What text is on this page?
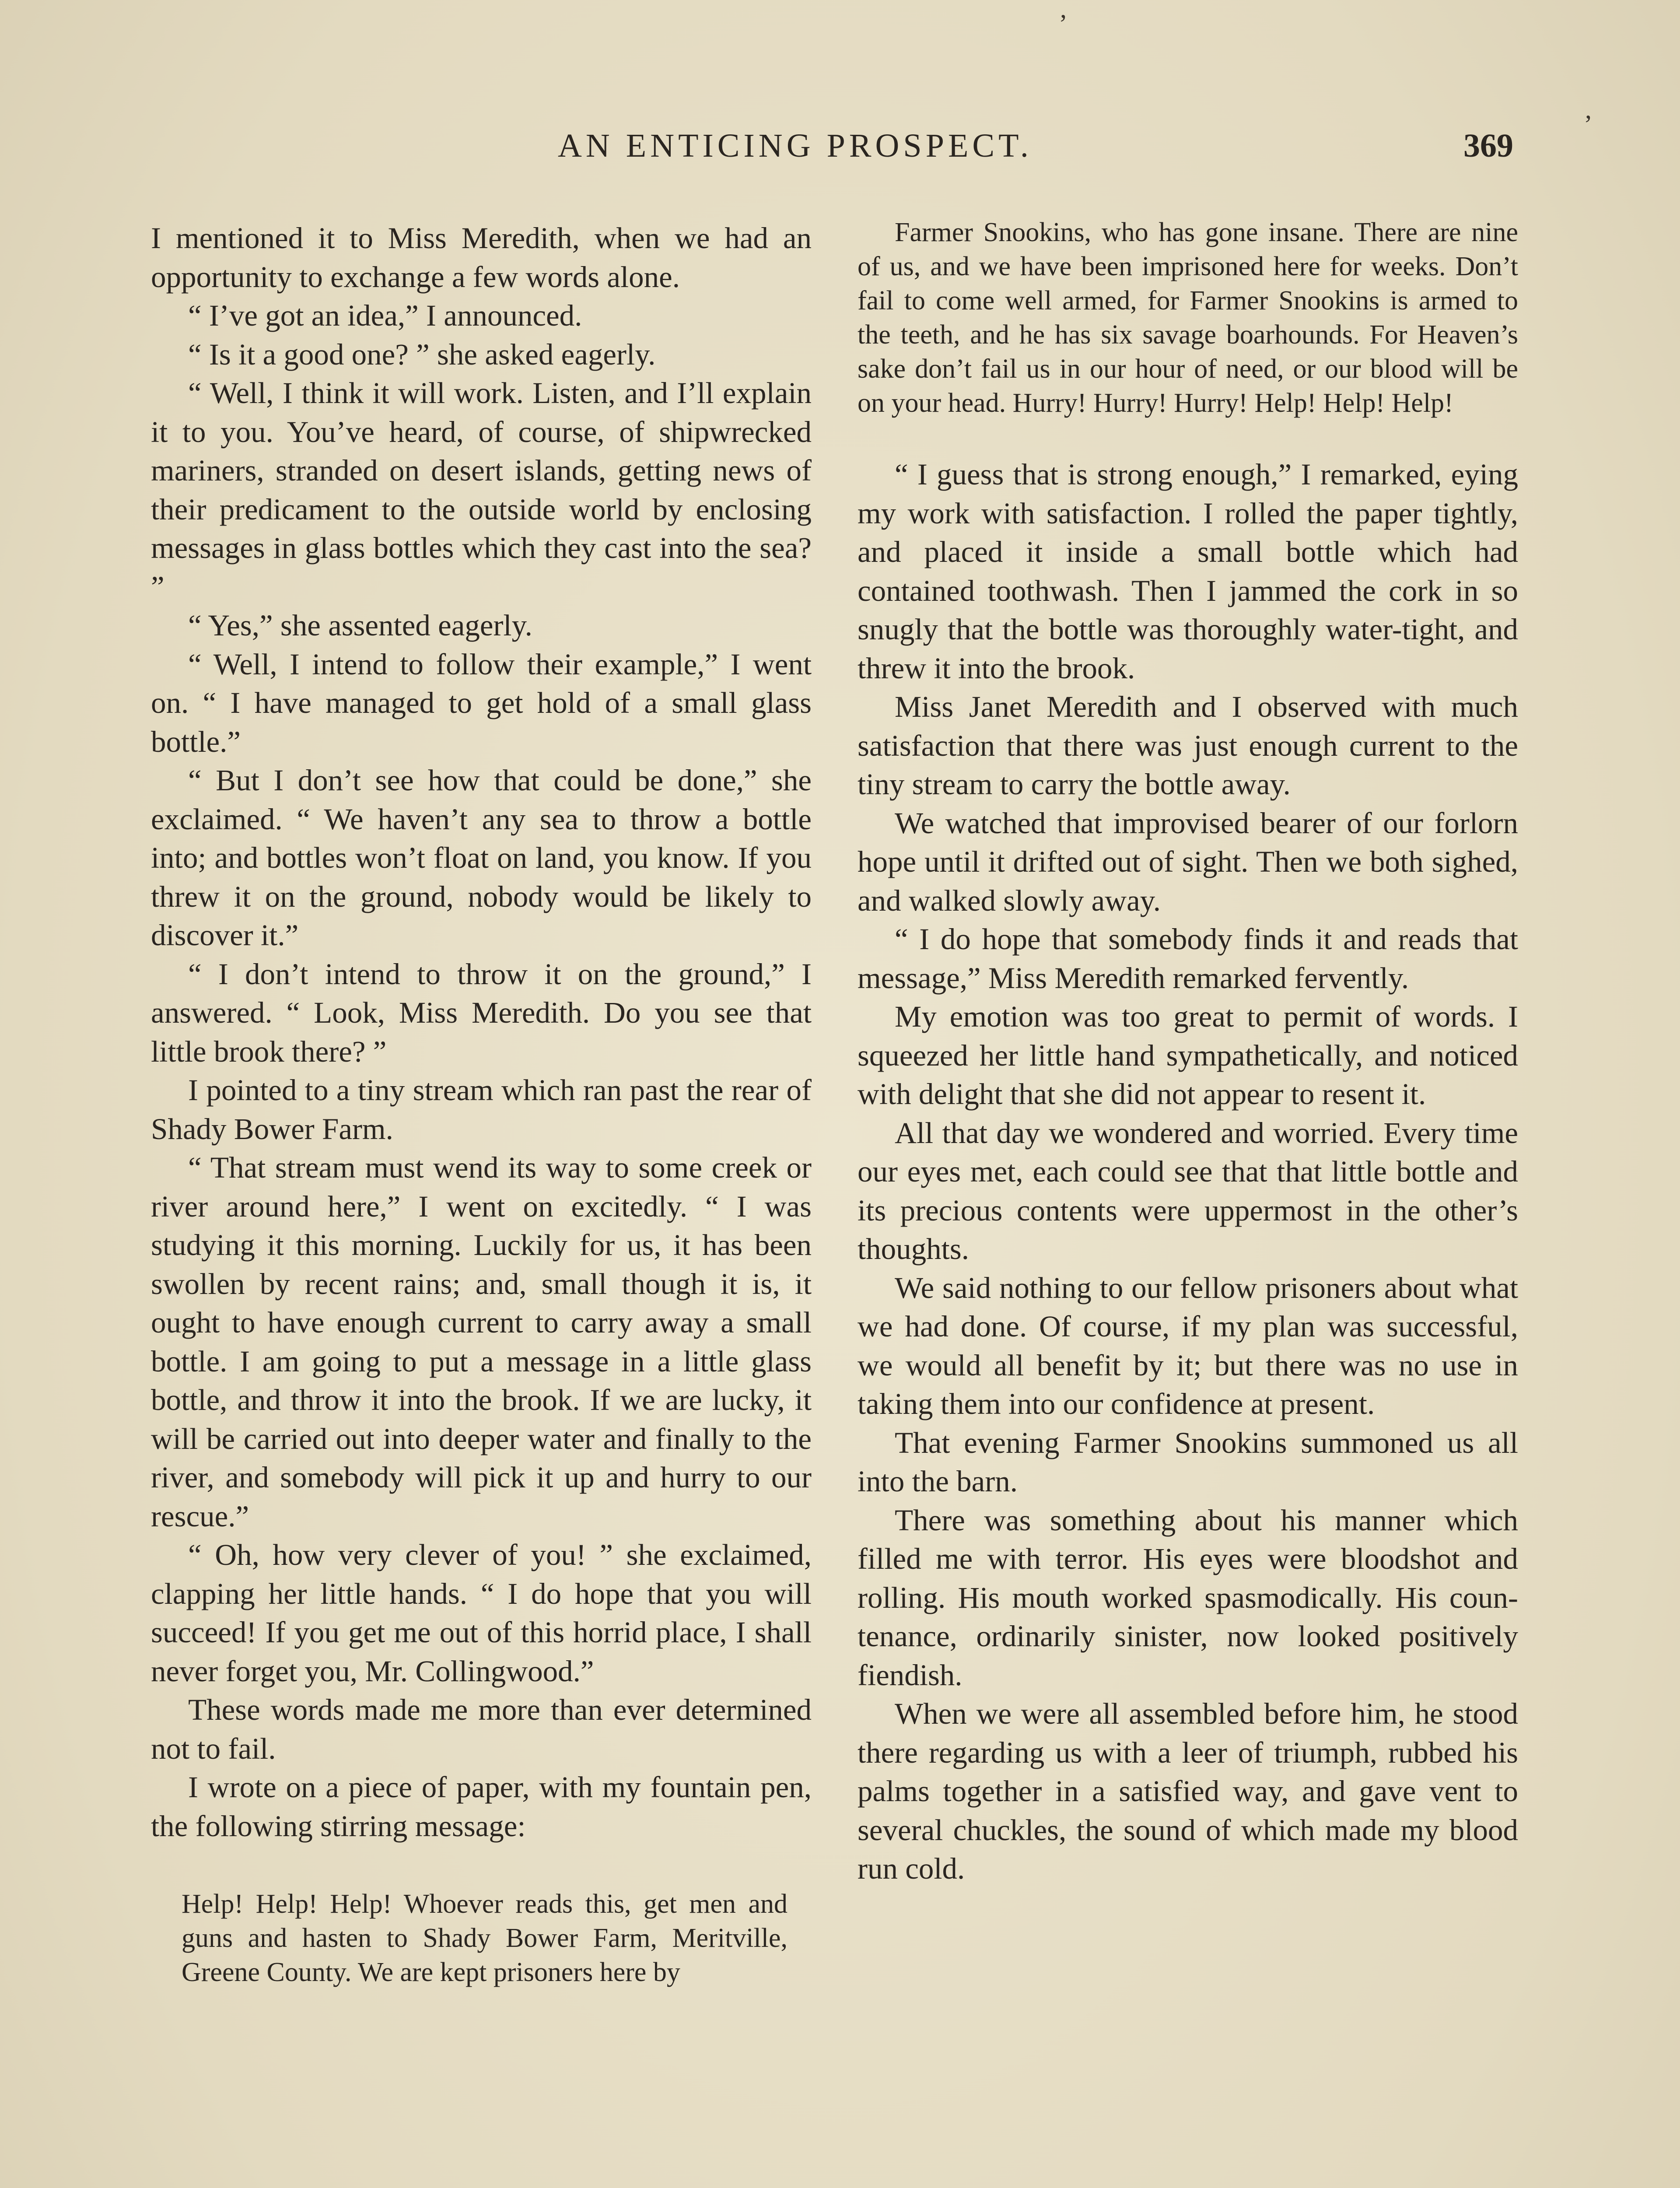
AN ENTICING PROSPECT.	369

I mentioned it to Miss Meredith, when we had an opportunity to exchange a few words alone.

“ I’ve got an idea,” I announced.

“ Is it a good one? ” she asked eagerly.

“ Well, I think it will work. Listen, and I’ll explain it to you. You’ve heard, of course, of shipwrecked mariners, stranded on desert islands, getting news of their predicament to the outside world by enclosing messages in glass bottles which they cast into the sea? ”

“ Yes,” she assented eagerly.

“ Well, I intend to follow their example,” I went on. “ I have managed to get hold of a small glass bottle.”

“ But I don’t see how that could be done,” she exclaimed. “ We haven’t any sea to throw a bottle into; and bottles won’t float on land, you know. If you threw it on the ground, nobody would be likely to discover it.”

“ I don’t intend to throw it on the ground,” I answered. “ Look, Miss Meredith. Do you see that little brook there? ”

I pointed to a tiny stream which ran past the rear of Shady Bower Farm.

“ That stream must wend its way to some creek or river around here,” I went on excitedly. “ I was studying it this morning. Luckily for us, it has been swollen by recent rains; and, small though it is, it ought to have enough current to carry away a small bottle. I am going to put a message in a little glass bottle, and throw it into the brook. If we are lucky, it will be carried out into deeper water and finally to the river, and somebody will pick it up and hurry to our rescue.”

“ Oh, how very clever of you! ” she exclaimed, clapping her little hands. “ I do hope that you will succeed! If you get me out of this horrid place, I shall never forget you, Mr. Collingwood.”

These words made me more than ever determined not to fail.

I wrote on a piece of paper, with my fountain pen, the following stirring message:

Help! Help! Help! Whoever reads this, get men and guns and hasten to Shady Bower Farm, Meritville, Greene County. We are kept prisoners here by

Farmer Snookins, who has gone insane. There are nine of us, and we have been imprisoned here for weeks. Don’t fail to come well armed, for Farmer Snookins is armed to the teeth, and he has six savage boarhounds. For Heaven’s sake don’t fail us in our hour of need, or our blood will be on your head. Hurry! Hurry! Hurry! Help! Help! Help!

“ I guess that is strong enough,” I remarked, eying my work with satisfaction. I rolled the paper tightly, and placed it inside a small bottle which had contained toothwash. Then I jammed the cork in so snugly that the bottle was thoroughly water-tight, and threw it into the brook.

Miss Janet Meredith and I observed with much satisfaction that there was just enough current to the tiny stream to carry the bottle away.

We watched that improvised bearer of our forlorn hope until it drifted out of sight. Then we both sighed, and walked slowly away.

“ I do hope that somebody finds it and reads that message,” Miss Meredith remarked fervently.

My emotion was too great to permit of words. I squeezed her little hand sympathetically, and noticed with delight that she did not appear to resent it.

All that day we wondered and worried. Every time our eyes met, each could see that that little bottle and its precious contents were uppermost in the other’s thoughts.

We said nothing to our fellow prisoners about what we had done. Of course, if my plan was successful, we would all benefit by it; but there was no use in taking them into our confidence at present.

That evening Farmer Snookins summoned us all into the barn.

There was something about his manner which filled me with terror. His eyes were bloodshot and rolling. His mouth worked spasmodically. His countenance, ordinarily sinister, now looked positively fiendish.

When we were all assembled before him, he stood there regarding us with a leer of triumph, rubbed his palms together in a satisfied way, and gave vent to several chuckles, the sound of which made my blood run cold.

ʼ
ʼ
